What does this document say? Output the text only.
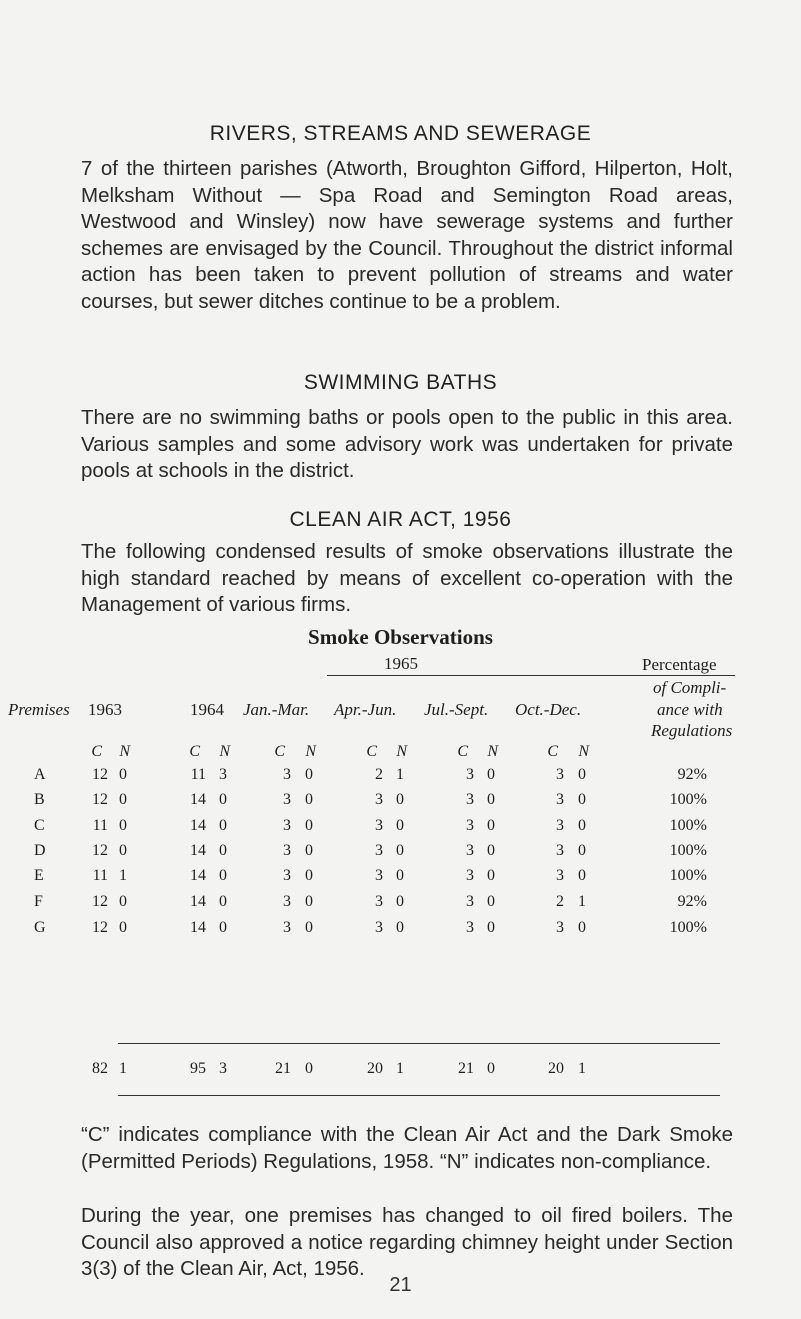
RIVERS, STREAMS AND SEWERAGE
7 of the thirteen parishes (Atworth, Broughton Gifford, Hilperton, Holt, Melksham Without — Spa Road and Semington Road areas, Westwood and Winsley) now have sewerage systems and further schemes are envisaged by the Council. Throughout the district informal action has been taken to prevent pollution of streams and water courses, but sewer ditches continue to be a problem.
SWIMMING BATHS
There are no swimming baths or pools open to the public in this area. Various samples and some advisory work was undertaken for private pools at schools in the district.
CLEAN AIR ACT, 1956
The following condensed results of smoke observations illustrate the high standard reached by means of excellent co-operation with the Management of various firms.
Smoke Observations
1965	Percentage
of Compli-
ance with
Regulations
Premises 1963	1964 Jan.-Mar. Apr.-Jun. Jul.-Sept. Oct.-Dec.
C N	C N	C N	C N	C N	C N
A	12 0	11 3	3 0	2 1	3 0	3 0	92%
B	12 0	14 0	3 0	3 0	3 0	3 0	100%
C	11 0	14 0	3 0	3 0	3 0	3 0	100%
D	12 0	14 0	3 0	3 0	3 0	3 0	100%
E	11 1	14 0	3 0	3 0	3 0	3 0	100%
F	12 0	14 0	3 0	3 0	3 0	2 1	92%
G	12 0	14 0	3 0	3 0	3 0	3 0	100%
82 1	95 3	21 0	20 1	21 0	20 1
“C” indicates compliance with the Clean Air Act and the Dark Smoke (Permitted Periods) Regulations, 1958. “N” indicates non-compliance.
During the year, one premises has changed to oil fired boilers. The Council also approved a notice regarding chimney height under Section 3(3) of the Clean Air, Act, 1956.
21
